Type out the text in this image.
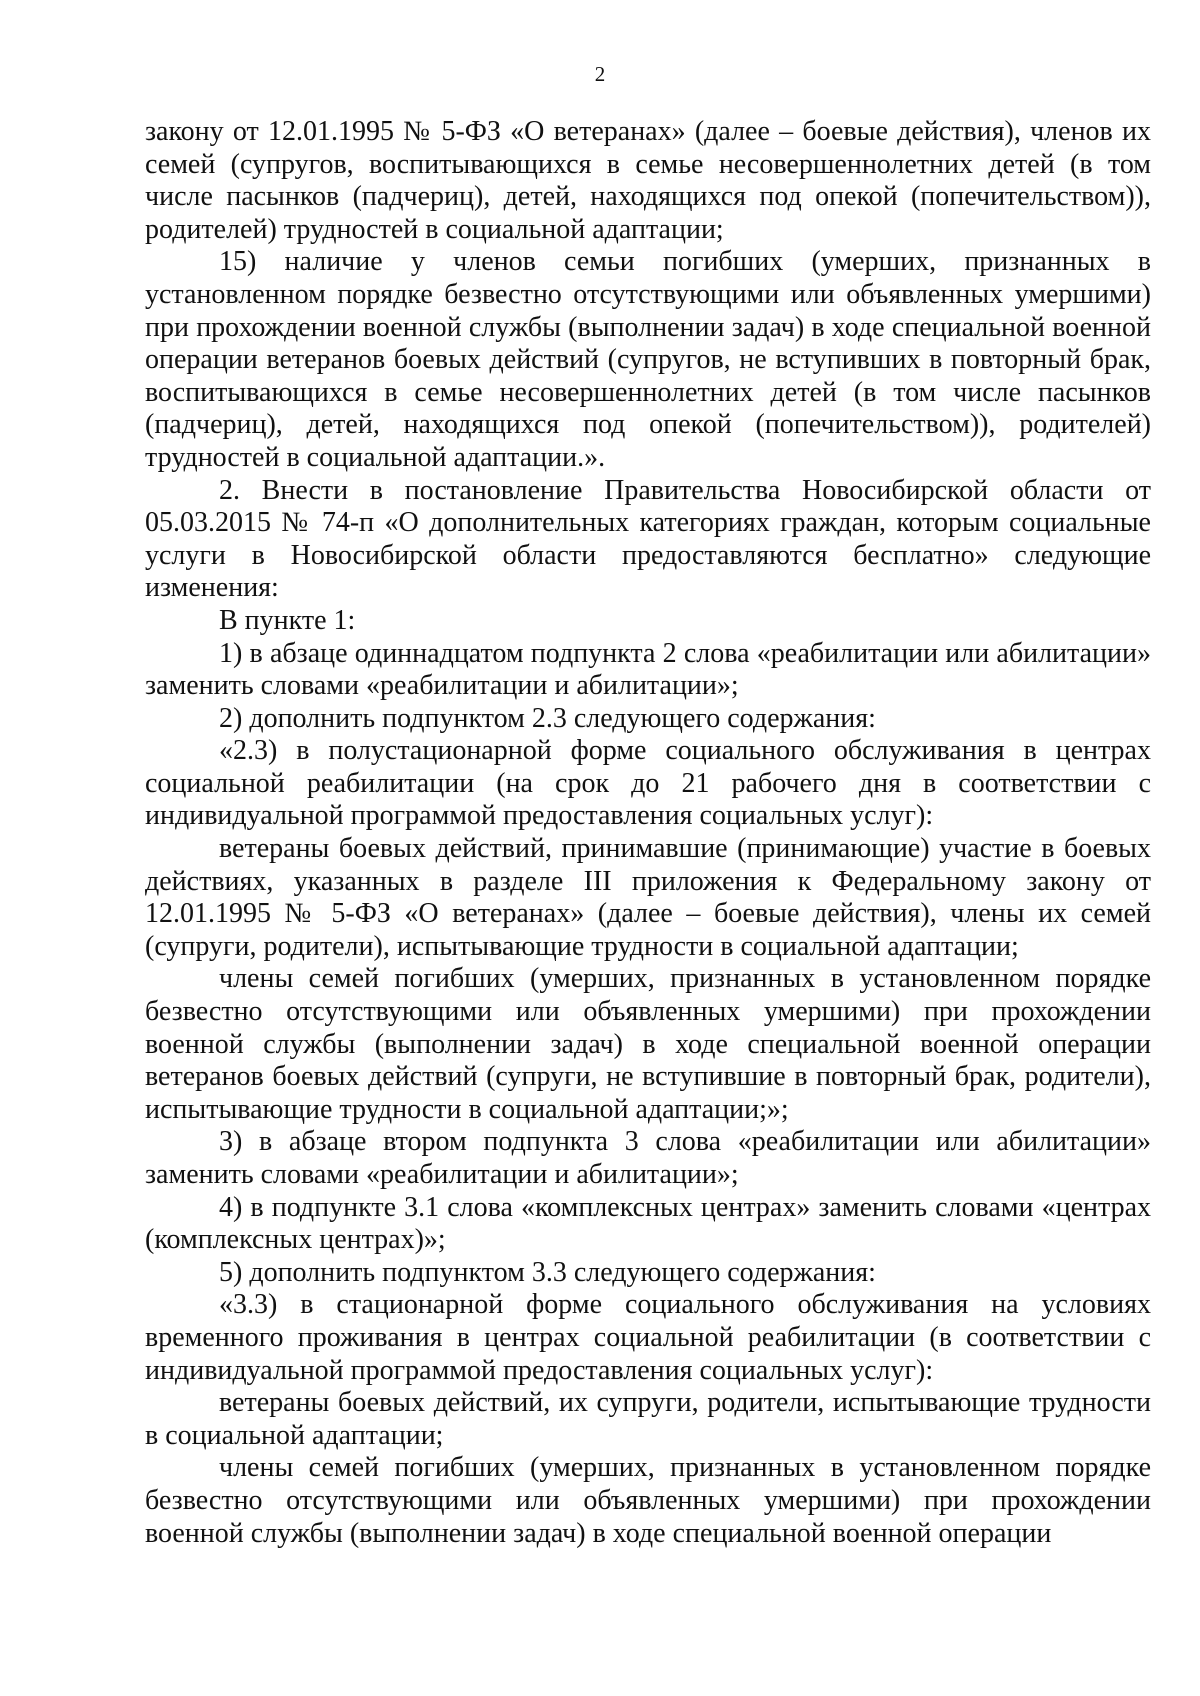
2

закону от 12.01.1995 № 5-ФЗ «О ветеранах» (далее – боевые действия), членов их семей (супругов, воспитывающихся в семье несовершеннолетних детей (в том числе пасынков (падчериц), детей, находящихся под опекой (попечительством)), родителей) трудностей в социальной адаптации;

15) наличие у членов семьи погибших (умерших, признанных в установленном порядке безвестно отсутствующими или объявленных умершими) при прохождении военной службы (выполнении задач) в ходе специальной военной операции ветеранов боевых действий (супругов, не вступивших в повторный брак, воспитывающихся в семье несовершеннолетних детей (в том числе пасынков (падчериц), детей, находящихся под опекой (попечительством)), родителей) трудностей в социальной адаптации.».

2. Внести в постановление Правительства Новосибирской области от 05.03.2015 № 74-п «О дополнительных категориях граждан, которым социальные услуги в Новосибирской области предоставляются бесплатно» следующие изменения:

В пункте 1:

1) в абзаце одиннадцатом подпункта 2 слова «реабилитации или абилитации» заменить словами «реабилитации и абилитации»;

2) дополнить подпунктом 2.3 следующего содержания:

«2.3) в полустационарной форме социального обслуживания в центрах социальной реабилитации (на срок до 21 рабочего дня в соответствии с индивидуальной программой предоставления социальных услуг):

ветераны боевых действий, принимавшие (принимающие) участие в боевых действиях, указанных в разделе III приложения к Федеральному закону от 12.01.1995 № 5-ФЗ «О ветеранах» (далее – боевые действия), члены их семей (супруги, родители), испытывающие трудности в социальной адаптации;

члены семей погибших (умерших, признанных в установленном порядке безвестно отсутствующими или объявленных умершими) при прохождении военной службы (выполнении задач) в ходе специальной военной операции ветеранов боевых действий (супруги, не вступившие в повторный брак, родители), испытывающие трудности в социальной адаптации;»;

3) в абзаце втором подпункта 3 слова «реабилитации или абилитации» заменить словами «реабилитации и абилитации»;

4) в подпункте 3.1 слова «комплексных центрах» заменить словами «центрах (комплексных центрах)»;

5) дополнить подпунктом 3.3 следующего содержания:

«3.3) в стационарной форме социального обслуживания на условиях временного проживания в центрах социальной реабилитации (в соответствии с индивидуальной программой предоставления социальных услуг):

ветераны боевых действий, их супруги, родители, испытывающие трудности в социальной адаптации;

члены семей погибших (умерших, признанных в установленном порядке безвестно отсутствующими или объявленных умершими) при прохождении военной службы (выполнении задач) в ходе специальной военной операции
